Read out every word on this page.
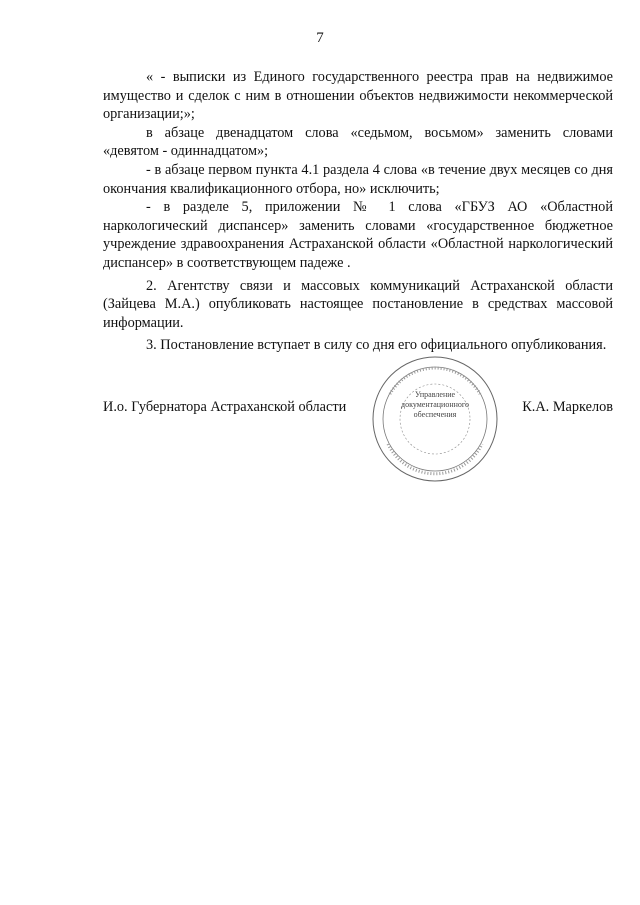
7

« - выписки из Единого государственного реестра прав на недвижимое имущество и сделок с ним в отношении объектов недвижимости некоммерческой организации;»;

в абзаце двенадцатом слова «седьмом, восьмом» заменить словами «девятом - одиннадцатом»;

- в абзаце первом пункта 4.1 раздела 4 слова «в течение двух месяцев со дня окончания квалификационного отбора, но» исключить;

- в разделе 5, приложении № 1 слова «ГБУЗ АО «Областной наркологический диспансер» заменить словами «государственное бюджетное учреждение здравоохранения Астраханской области «Областной наркологический диспансер» в соответствующем падеже .

2. Агентству связи и массовых коммуникаций Астраханской области (Зайцева М.А.) опубликовать настоящее постановление в средствах массовой информации.

3. Постановление вступает в силу со дня его официального опубликования.

Управление
документационного
обеспечения
И.о. Губернатора Астраханской области	К.А. Маркелов
